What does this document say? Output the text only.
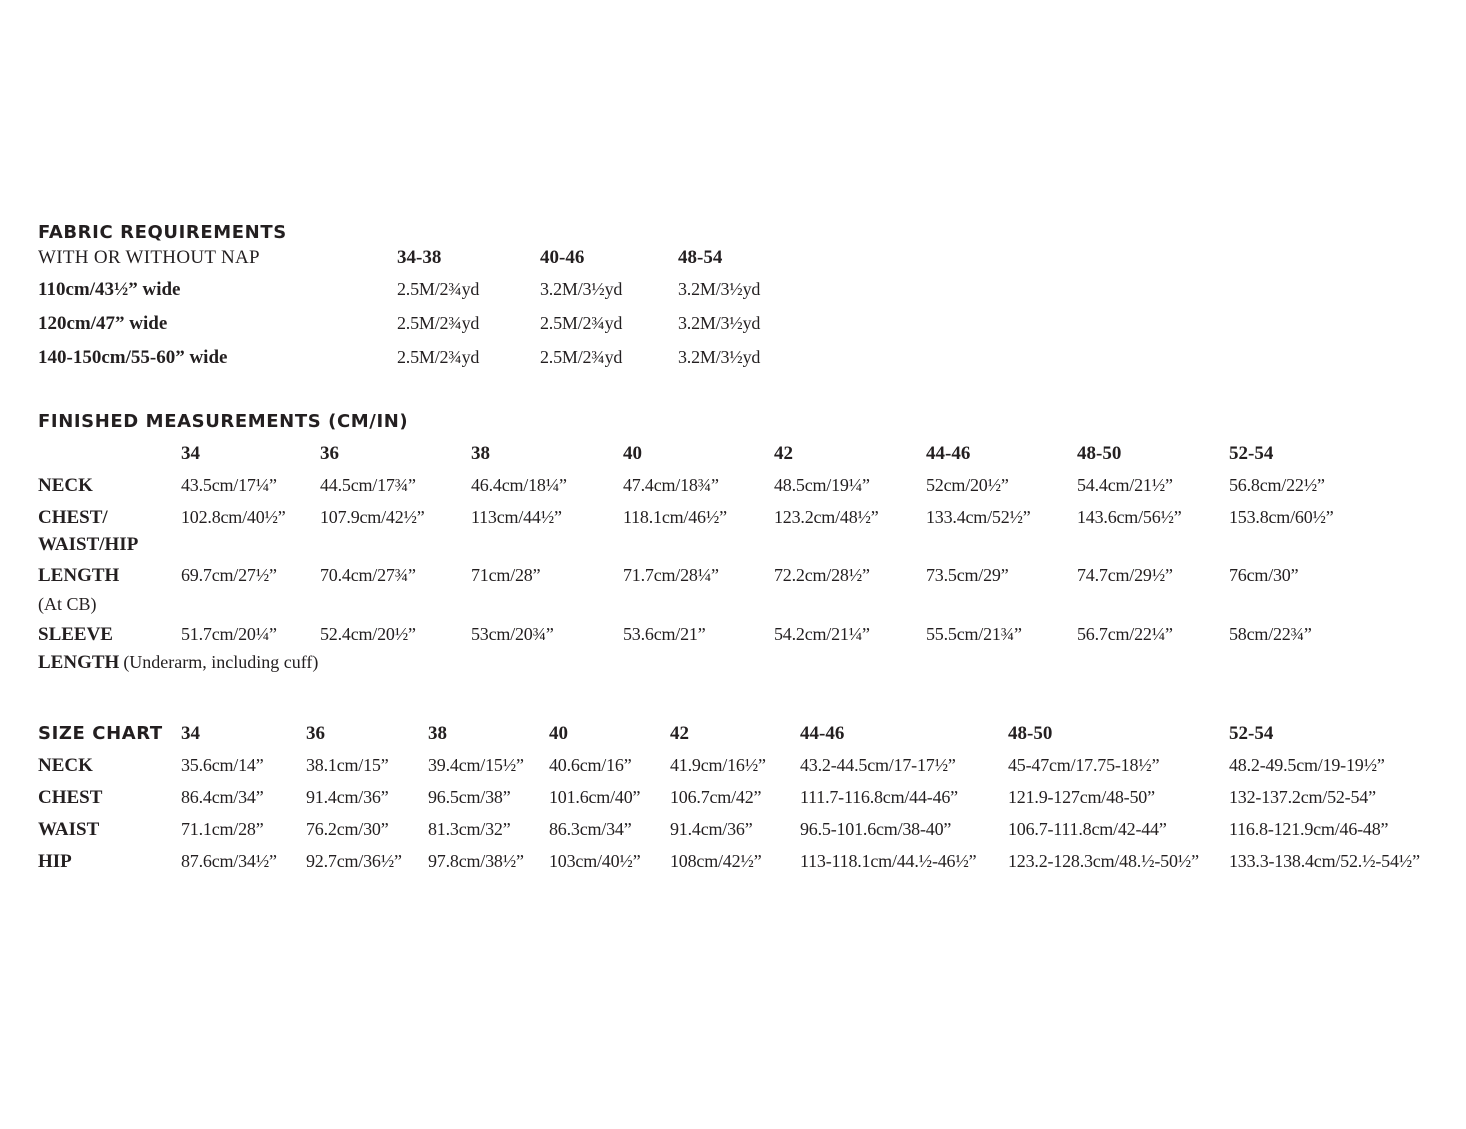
FABRIC REQUIREMENTS
WITH OR WITHOUT NAP	34-38	40-46	48-54
110cm/43½” wide	2.5M/2¾yd	3.2M/3½yd	3.2M/3½yd
120cm/47” wide	2.5M/2¾yd	2.5M/2¾yd	3.2M/3½yd
140-150cm/55-60” wide	2.5M/2¾yd	2.5M/2¾yd	3.2M/3½yd
FINISHED MEASUREMENTS (CM/IN)
34	36	38	40	42	44-46	48-50	52-54
NECK	43.5cm/17¼” 44.5cm/17¾”	46.4cm/18¼”	47.4cm/18¾”	48.5cm/19¼”	52cm/20½”	54.4cm/21½”	56.8cm/22½”
CHEST/
WAIST/HIP
102.8cm/40½” 107.9cm/42½”	113cm/44½”	118.1cm/46½”	123.2cm/48½”	133.4cm/52½”	143.6cm/56½”	153.8cm/60½”
LENGTH
(At CB)
69.7cm/27½” 70.4cm/27¾”	71cm/28”	71.7cm/28¼”	72.2cm/28½”	73.5cm/29”	74.7cm/29½”	76cm/30”
SLEEVE
LENGTH (Underarm, including cuff)
51.7cm/20¼” 52.4cm/20½”	53cm/20¾”	53.6cm/21”	54.2cm/21¼”	55.5cm/21¾”	56.7cm/22¼”	58cm/22¾”
SIZE CHART 34	36	38	40	42	44-46	48-50	52-54
NECK	35.6cm/14” 38.1cm/15” 39.4cm/15½” 40.6cm/16” 41.9cm/16½” 43.2-44.5cm/17-17½”	45-47cm/17.75-18½”	48.2-49.5cm/19-19½”
CHEST	86.4cm/34” 91.4cm/36” 96.5cm/38” 101.6cm/40” 106.7cm/42” 111.7-116.8cm/44-46”	121.9-127cm/48-50”	132-137.2cm/52-54”
WAIST	71.1cm/28” 76.2cm/30” 81.3cm/32” 86.3cm/34” 91.4cm/36”	96.5-101.6cm/38-40”	106.7-111.8cm/42-44”	116.8-121.9cm/46-48”
HIP	87.6cm/34½” 92.7cm/36½” 97.8cm/38½” 103cm/40½” 108cm/42½” 113-118.1cm/44.½-46½” 123.2-128.3cm/48.½-50½” 133.3-138.4cm/52.½-54½”
